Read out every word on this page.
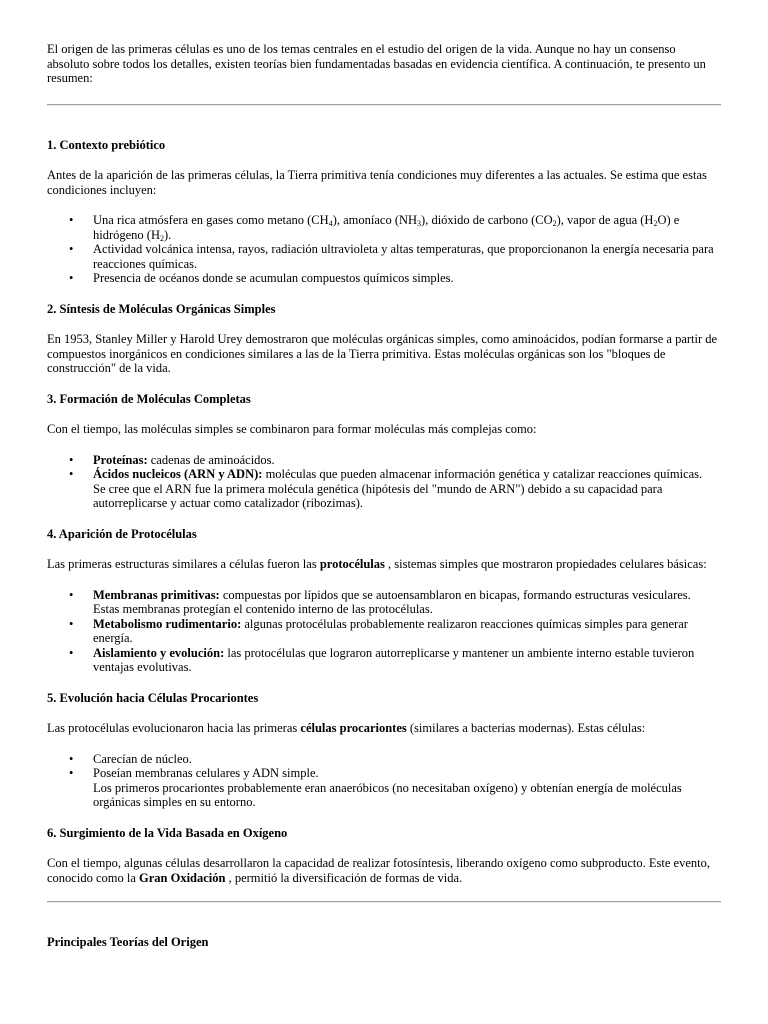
El origen de las primeras células es uno de los temas centrales en el estudio del origen de la vida. Aunque no hay un consenso absoluto sobre todos los detalles, existen teorías bien fundamentadas basadas en evidencia científica. A continuación, te presento un resumen:

1. Contexto prebiótico

Antes de la aparición de las primeras células, la Tierra primitiva tenía condiciones muy diferentes a las actuales. Se estima que estas condiciones incluyen:

• Una rica atmósfera en gases como metano $(CH_4)$, amoníaco $(NH_3)$, dióxido de carbono $(CO_2)$, vapor de agua $(H_2O)$ e hidrógeno $(H_2)$.
• Actividad volcánica intensa, rayos, radiación ultravioleta y altas temperaturas, que proporcionanon la energía necesaria para reacciones químicas.
• Presencia de océanos donde se acumulan compuestos químicos simples.
2. Síntesis de Moléculas Orgánicas Simples

En 1953, Stanley Miller y Harold Urey demostraron que moléculas orgánicas simples, como aminoácidos, podían formarse a partir de compuestos inorgánicos en condiciones similares a las de la Tierra primitiva. Estas moléculas orgánicas son los "bloques de construcción" de la vida.

3. Formación de Moléculas Completas

Con el tiempo, las moléculas simples se combinaron para formar moléculas más complejas como:

• Proteínas: cadenas de aminoácidos.
• Ácidos nucleicos (ARN y ADN): moléculas que pueden almacenar información genética y catalizar reacciones químicas.
Se cree que el ARN fue la primera molécula genética (hipótesis del "mundo de ARN") debido a su capacidad para autorreplicarse y actuar como catalizador (ribozimas).
4. Aparición de Protocélulas

Las primeras estructuras similares a células fueron las protocélulas , sistemas simples que mostraron propiedades celulares básicas:

• Membranas primitivas: compuestas por lípidos que se autoensamblaron en bicapas, formando estructuras vesiculares.
Estas membranas protegían el contenido interno de las protocélulas.
• Metabolismo rudimentario: algunas protocélulas probablemente realizaron reacciones químicas simples para generar energía.
• Aislamiento y evolución: las protocélulas que lograron autorreplicarse y mantener un ambiente interno estable tuvieron ventajas evolutivas.
5. Evolución hacia Células Procariontes

Las protocélulas evolucionaron hacia las primeras células procariontes (similares a bacterias modernas). Estas células:

• Carecían de núcleo.
• Poseían membranas celulares y ADN simple.
Los primeros procariontes probablemente eran anaeróbicos (no necesitaban oxígeno) y obtenían energía de moléculas orgánicas simples en su entorno.
6. Surgimiento de la Vida Basada en Oxígeno

Con el tiempo, algunas células desarrollaron la capacidad de realizar fotosíntesis, liberando oxígeno como subproducto. Este evento, conocido como la Gran Oxidación , permitió la diversificación de formas de vida.

Principales Teorías del Origen
